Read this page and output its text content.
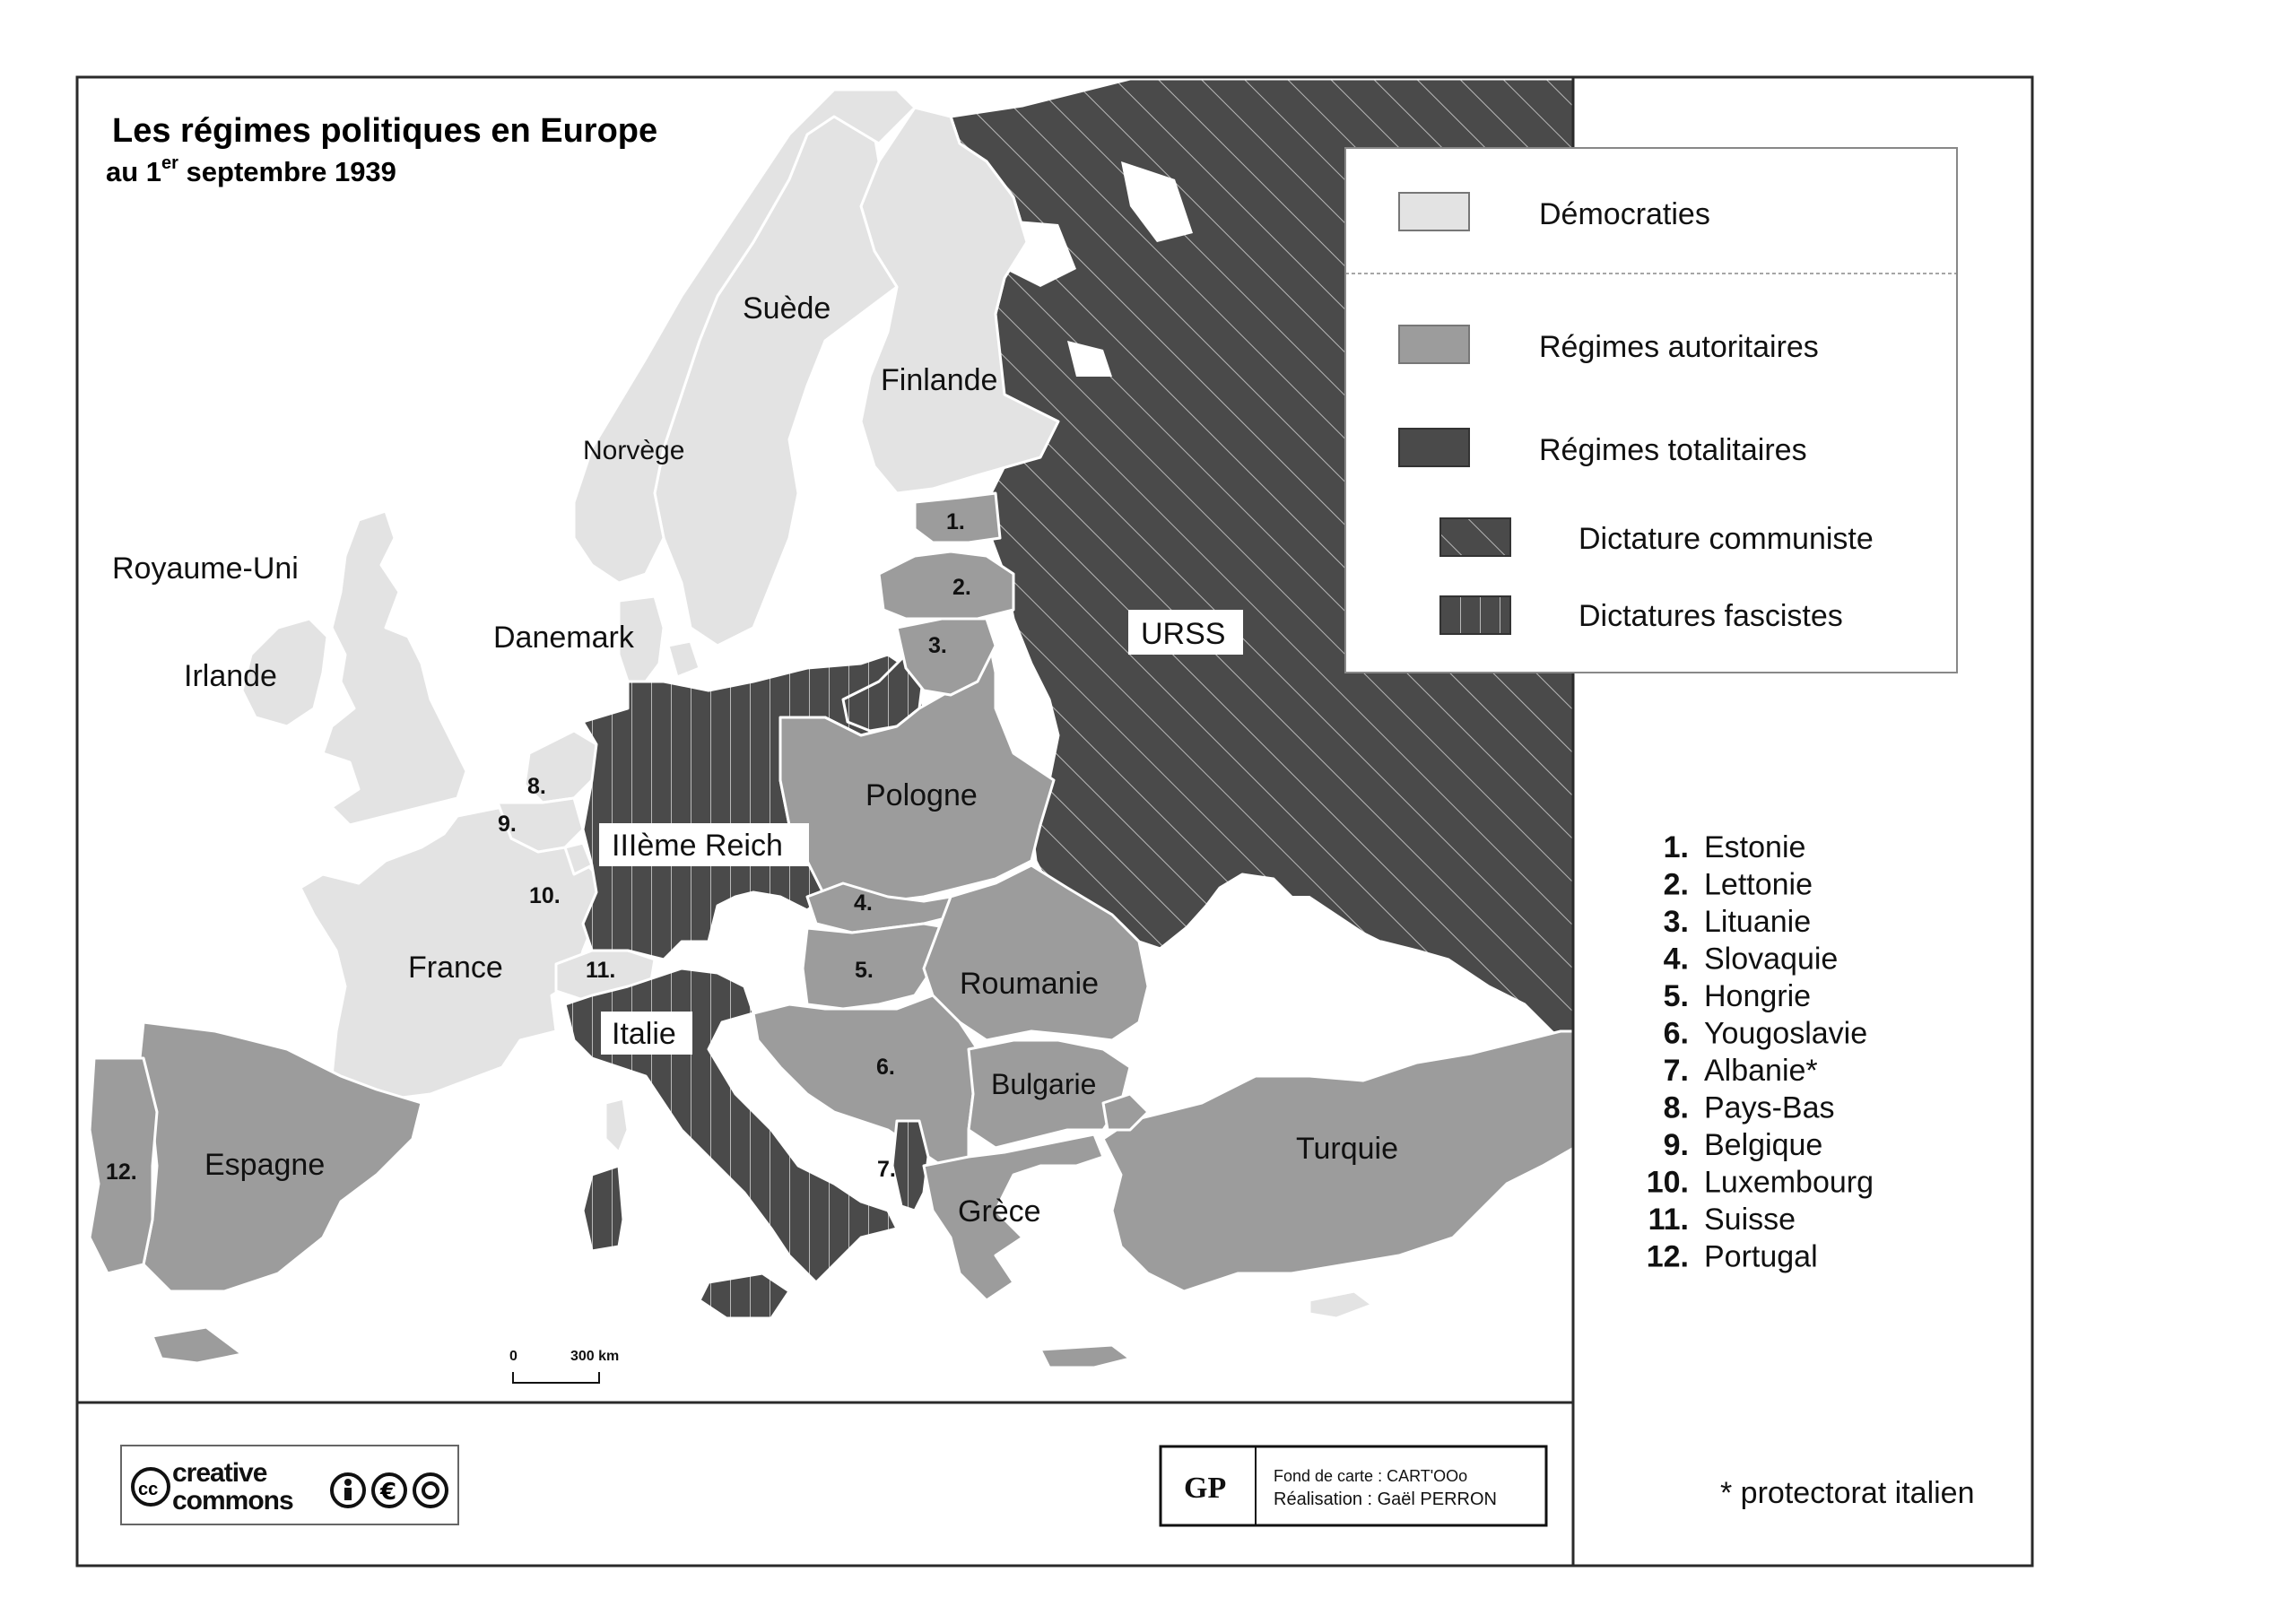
Les régimes politiques en Europe
au 1er septembre 1939
Suède
Finlande
Norvège
Royaume-Uni
Danemark
Irlande
Pologne
France	Roumanie
Bulgarie
Turquie
Espagne
Grèce
URSS
IIIème Reich
Italie
1.
2.
3.
4.
5.
6.
7.
8.
9.
10.
11.
12.
0	300 km
Démocraties
Régimes autoritaires
Régimes totalitaires
Dictature communiste
Dictatures fascistes
1. Estonie
2. Lettonie
3. Lituanie
4. Slovaquie
5. Hongrie
6. Yougoslavie
7. Albanie*
8. Pays-Bas
9. Belgique
10. Luxembourg
11. Suisse
12. Portugal
* protectorat italien
cc
creative
commons	€	GP	Fond de carte : CART'OOo
Réalisation : Gaël PERRON
